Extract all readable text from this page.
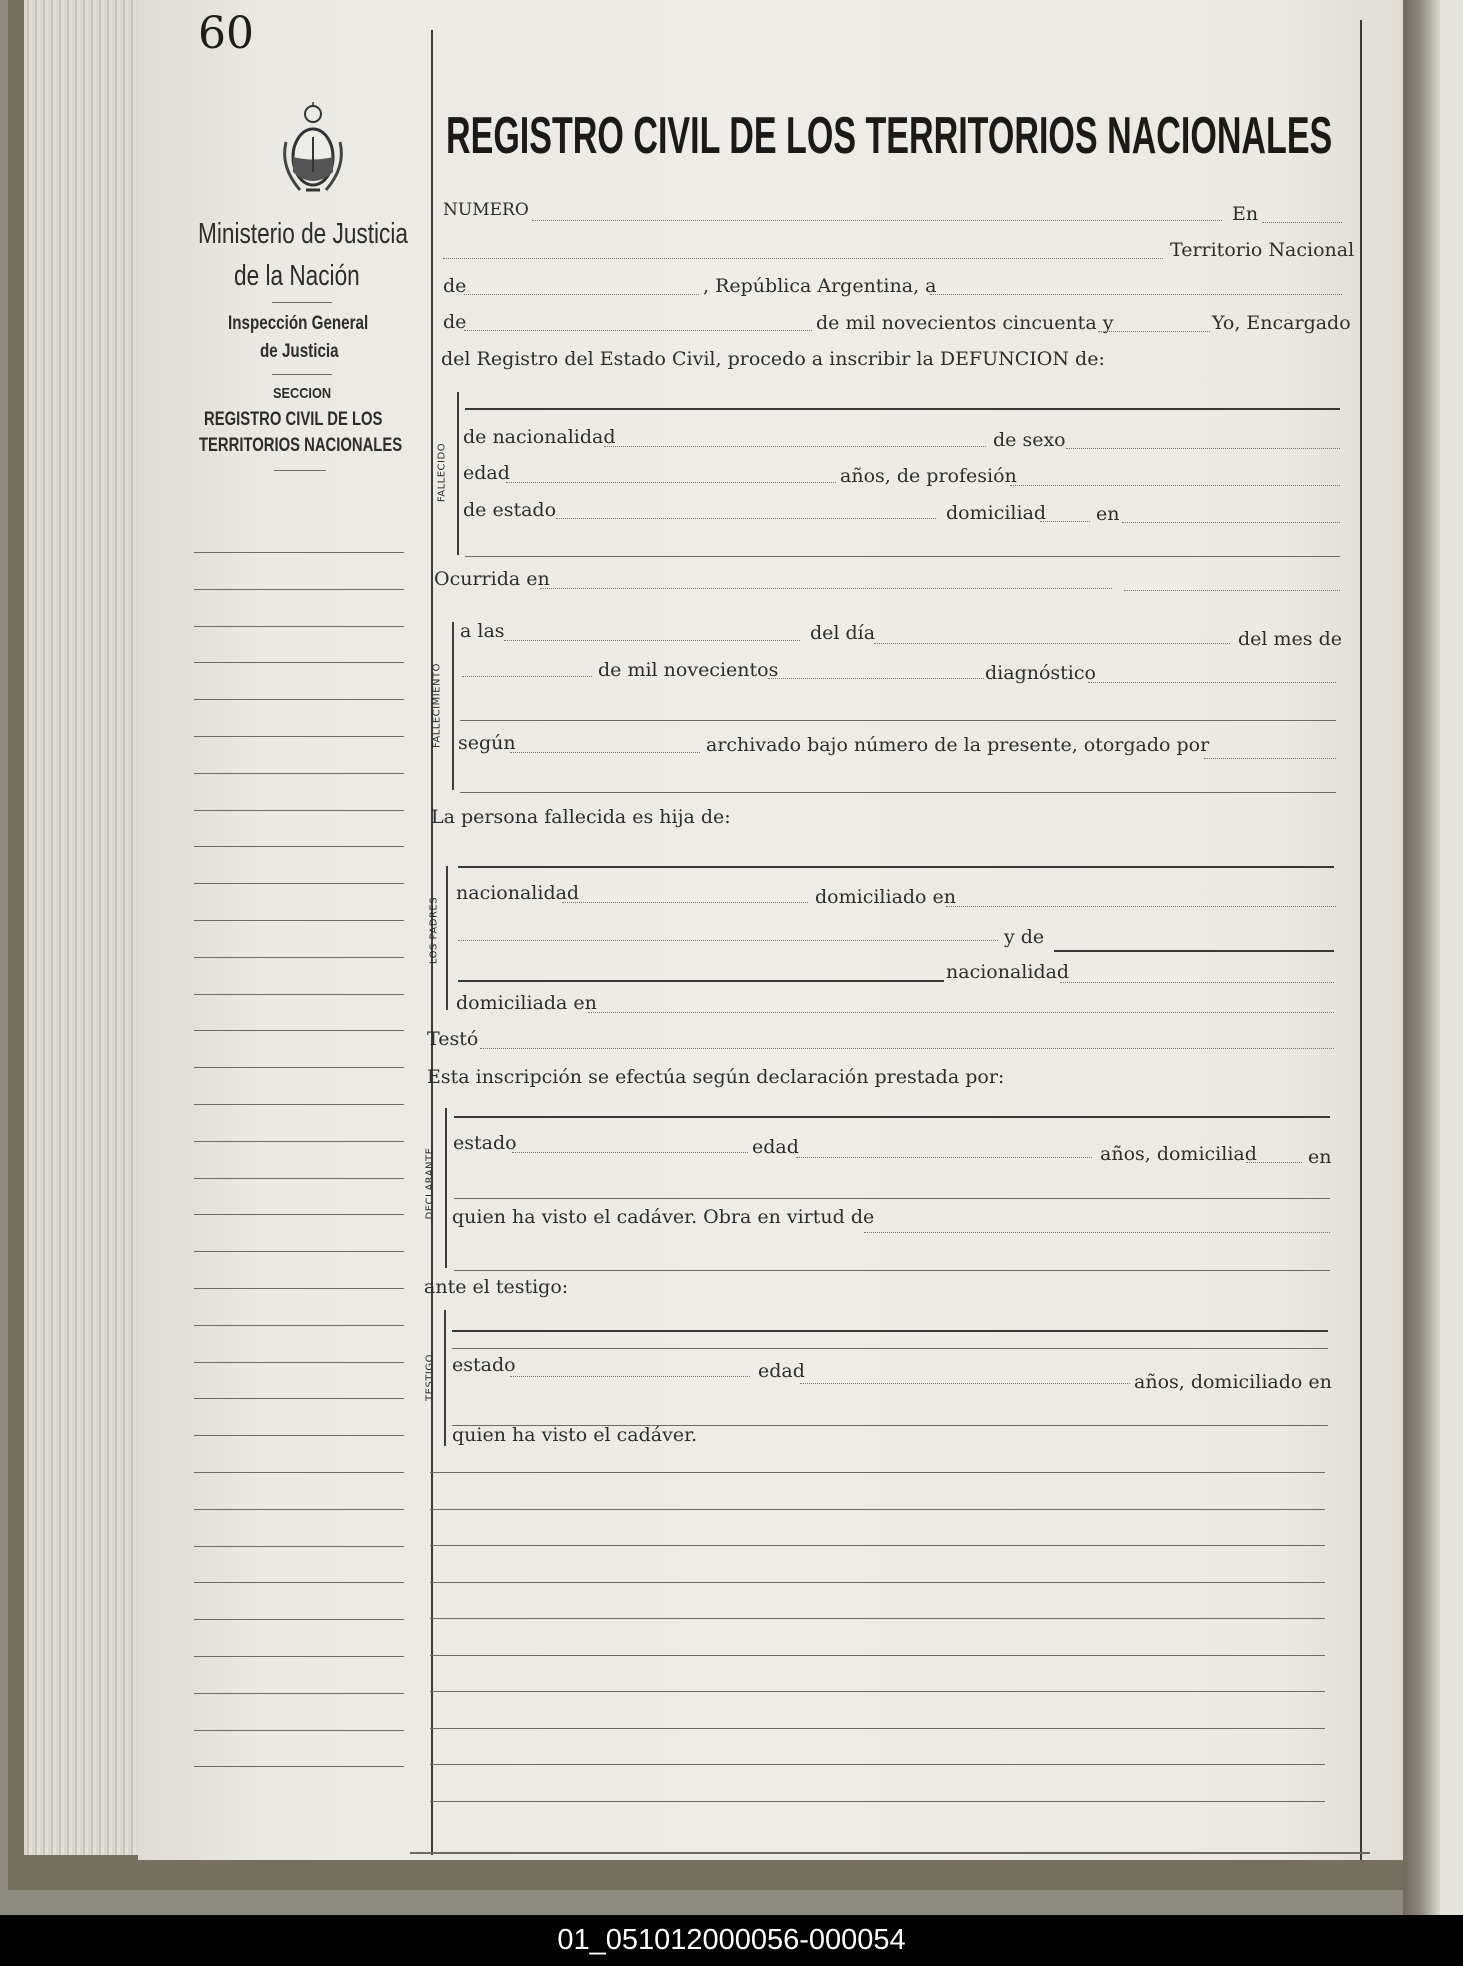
60
Ministerio de Justicia
de la Nación
Inspección General
de Justicia
SECCION
REGISTRO CIVIL DE LOS
TERRITORIOS NACIONALES
REGISTRO CIVIL DE LOS TERRITORIOS NACIONALES
NUMERO	En
Territorio Nacional
de	, República Argentina, a
de	de mil novecientos cincuenta y	Yo, Encargado
del Registro del Estado Civil, procedo a inscribir la DEFUNCION de:
FALLECIDO
de nacionalidad	de sexo
edad	años, de profesión
de estado	domiciliad	en
Ocurrida en
FALLECIMIENTO
a las	del día	del mes de
de mil novecientos	diagnóstico
según	archivado bajo número de la presente, otorgado por
La persona fallecida es hija de:
LOS PADRES
nacionalidad	domiciliado en
y de
nacionalidad
domiciliada en
Testó
Esta inscripción se efectúa según declaración prestada por:
DECLARANTE
estado	edad	años, domiciliad	en
quien ha visto el cadáver. Obra en virtud de
ante el testigo:
TESTIGO estado	edad	años, domiciliado en
quien ha visto el cadáver.
01_051012000056-000054
